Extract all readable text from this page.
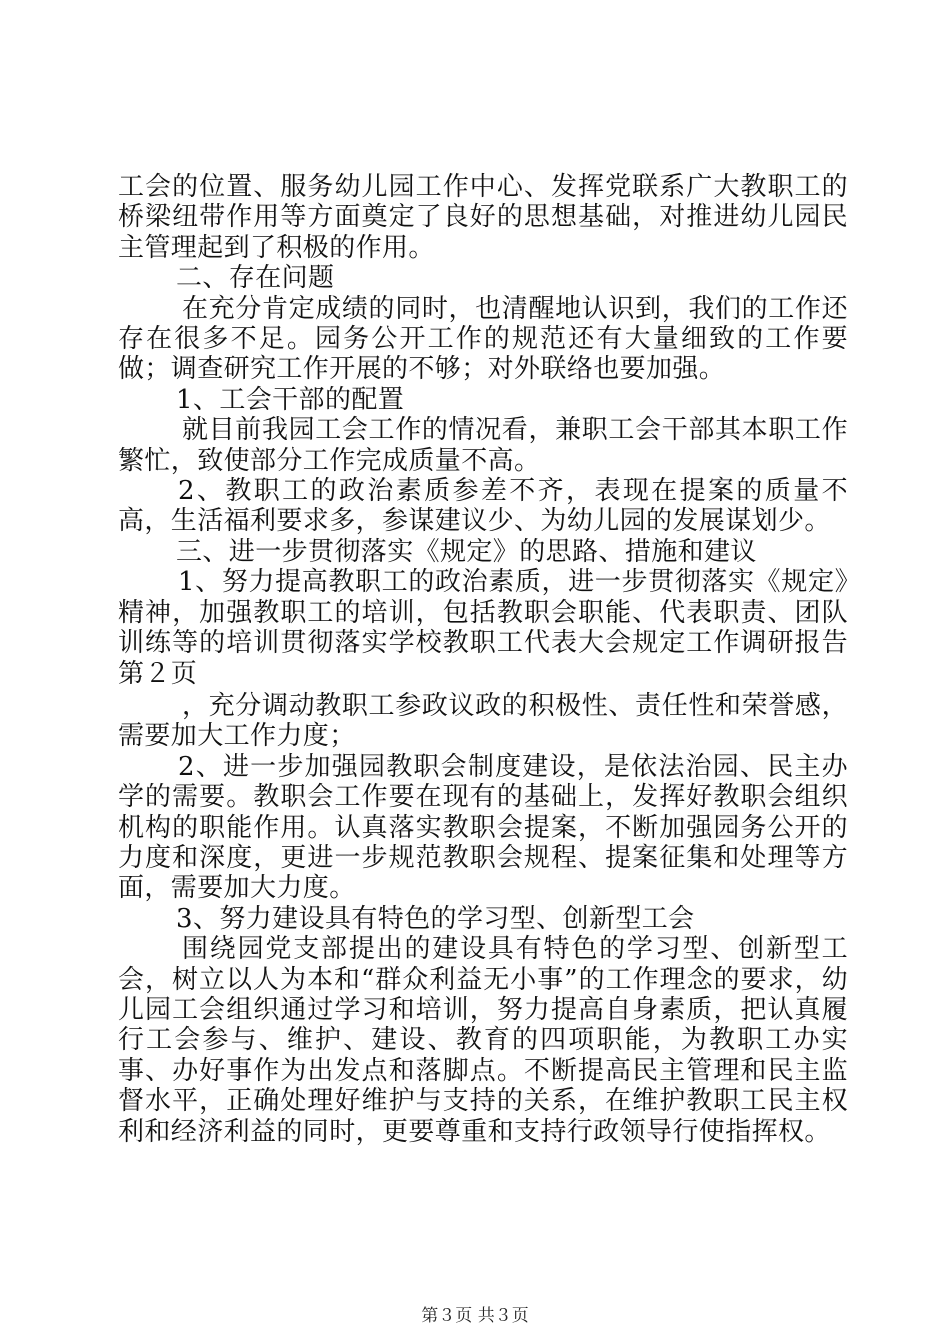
工会的位置、服务幼儿园工作中心、发挥党联系广大教职工的桥梁纽带作用等方面奠定了良好的思想基础，对推进幼儿园民主管理起到了积极的作用。

二、存在问题

在充分肯定成绩的同时，也清醒地认识到，我们的工作还存在很多不足。园务公开工作的规范还有大量细致的工作要做；调查研究工作开展的不够；对外联络也要加强。

1、工会干部的配置

就目前我园工会工作的情况看，兼职工会干部其本职工作繁忙，致使部分工作完成质量不高。

2、教职工的政治素质参差不齐，表现在提案的质量不高，生活福利要求多，参谋建议少、为幼儿园的发展谋划少。

三、进一步贯彻落实《规定》的思路、措施和建议

1、努力提高教职工的政治素质，进一步贯彻落实《规定》精神，加强教职工的培训，包括教职会职能、代表职责、团队训练等的培训贯彻落实学校教职工代表大会规定工作调研报告第２页

，充分调动教职工参政议政的积极性、责任性和荣誉感，需要加大工作力度；

2、进一步加强园教职会制度建设，是依法治园、民主办学的需要。教职会工作要在现有的基础上，发挥好教职会组织机构的职能作用。认真落实教职会提案，不断加强园务公开的力度和深度，更进一步规范教职会规程、提案征集和处理等方面，需要加大力度。

3、努力建设具有特色的学习型、创新型工会

围绕园党支部提出的建设具有特色的学习型、创新型工会，树立以人为本和“群众利益无小事”的工作理念的要求，幼儿园工会组织通过学习和培训，努力提高自身素质，把认真履行工会参与、维护、建设、教育的四项职能，为教职工办实事、办好事作为出发点和落脚点。不断提高民主管理和民主监督水平，正确处理好维护与支持的关系，在维护教职工民主权利和经济利益的同时，更要尊重和支持行政领导行使指挥权。

第３页 共３页
